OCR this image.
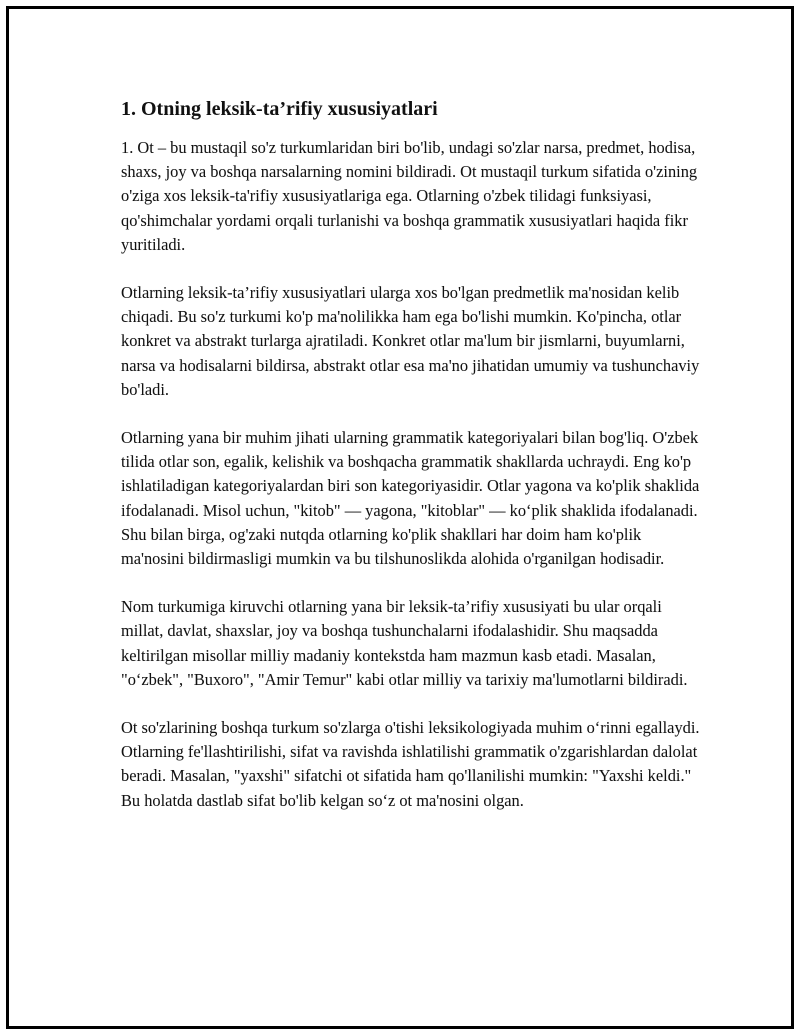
1. Otning leksik-ta’rifiy xususiyatlari

1. Ot – bu mustaqil so'z turkumlaridan biri bo'lib, undagi so'zlar narsa, predmet, hodisa, shaxs, joy va boshqa narsalarning nomini bildiradi. Ot mustaqil turkum sifatida o'zining o'ziga xos leksik-ta'rifiy xususiyatlariga ega. Otlarning o'zbek tilidagi funksiyasi, qo'shimchalar yordami orqali turlanishi va boshqa grammatik xususiyatlari haqida fikr yuritiladi.

Otlarning leksik-ta’rifiy xususiyatlari ularga xos bo'lgan predmetlik ma'nosidan kelib chiqadi. Bu so'z turkumi ko'p ma'nolilikka ham ega bo'lishi mumkin. Ko'pincha, otlar konkret va abstrakt turlarga ajratiladi. Konkret otlar ma'lum bir jismlarni, buyumlarni, narsa va hodisalarni bildirsa, abstrakt otlar esa ma'no jihatidan umumiy va tushunchaviy bo'ladi.

Otlarning yana bir muhim jihati ularning grammatik kategoriyalari bilan bog'liq. O'zbek tilida otlar son, egalik, kelishik va boshqacha grammatik shakllarda uchraydi. Eng ko'p ishlatiladigan kategoriyalardan biri son kategoriyasidir. Otlar yagona va ko'plik shaklida ifodalanadi. Misol uchun, "kitob" — yagona, "kitoblar" — ko‘plik shaklida ifodalanadi. Shu bilan birga, og'zaki nutqda otlarning ko'plik shakllari har doim ham ko'plik ma'nosini bildirmasligi mumkin va bu tilshunoslikda alohida o'rganilgan hodisadir.

Nom turkumiga kiruvchi otlarning yana bir leksik-ta’rifiy xususiyati bu ular orqali millat, davlat, shaxslar, joy va boshqa tushunchalarni ifodalashidir. Shu maqsadda keltirilgan misollar milliy madaniy kontekstda ham mazmun kasb etadi. Masalan, "o‘zbek", "Buxoro", "Amir Temur" kabi otlar milliy va tarixiy ma'lumotlarni bildiradi.

Ot so'zlarining boshqa turkum so'zlarga o'tishi leksikologiyada muhim o‘rinni egallaydi. Otlarning fe'llashtirilishi, sifat va ravishda ishlatilishi grammatik o'zgarishlardan dalolat beradi. Masalan, "yaxshi" sifatchi ot sifatida ham qo'llanilishi mumkin: "Yaxshi keldi." Bu holatda dastlab sifat bo'lib kelgan so‘z ot ma'nosini olgan.
